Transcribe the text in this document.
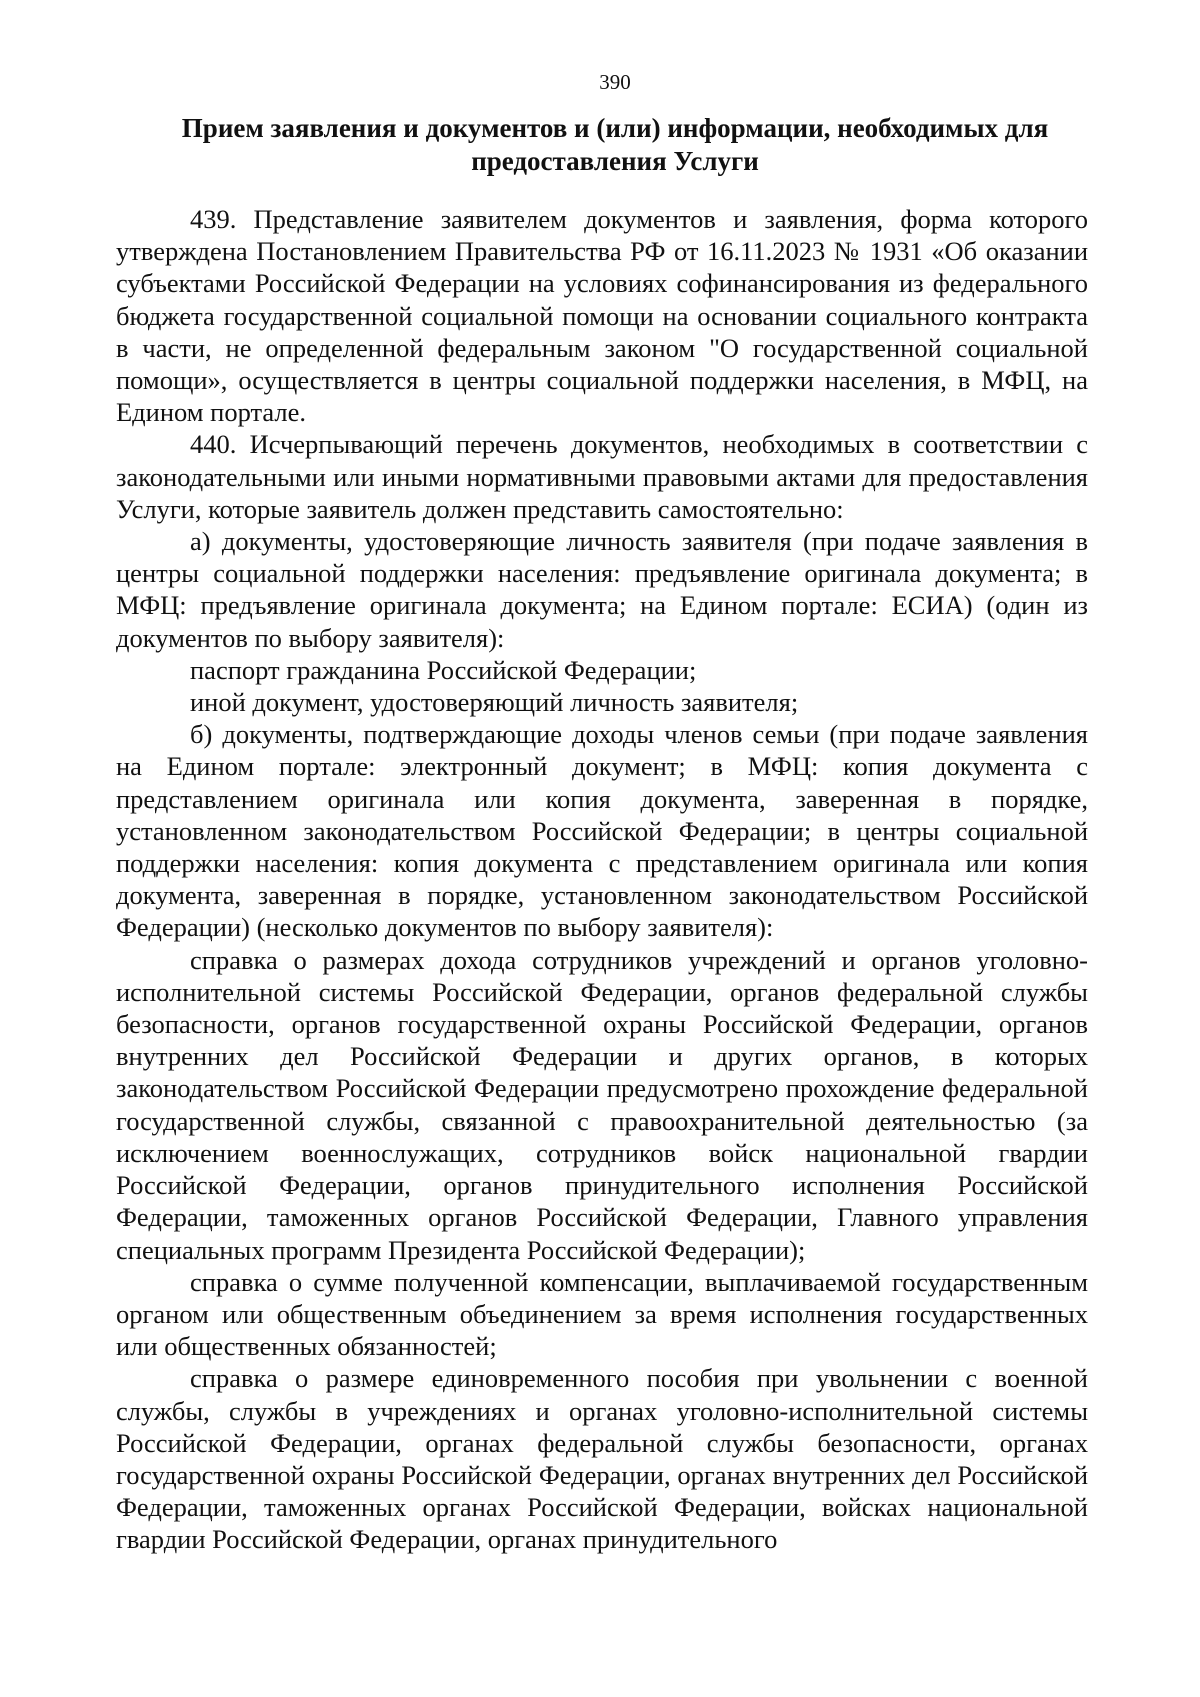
390
Прием заявления и документов и (или) информации, необходимых для
предоставления Услуги

439. Представление заявителем документов и заявления, форма которого утверждена Постановлением Правительства РФ от 16.11.2023 № 1931 «Об оказании субъектами Российской Федерации на условиях софинансирования из федерального бюджета государственной социальной помощи на основании социального контракта в части, не определенной федеральным законом "О государственной социальной помощи», осуществляется в центры социальной поддержки населения, в МФЦ, на Едином портале.

440. Исчерпывающий перечень документов, необходимых в соответствии с законодательными или иными нормативными правовыми актами для предоставления Услуги, которые заявитель должен представить самостоятельно:

а) документы, удостоверяющие личность заявителя (при подаче заявления в центры социальной поддержки населения: предъявление оригинала документа; в МФЦ: предъявление оригинала документа; на Едином портале: ЕСИА) (один из документов по выбору заявителя):

паспорт гражданина Российской Федерации;

иной документ, удостоверяющий личность заявителя;

б) документы, подтверждающие доходы членов семьи (при подаче заявления на Едином портале: электронный документ; в МФЦ: копия документа с представлением оригинала или копия документа, заверенная в порядке, установленном законодательством Российской Федерации; в центры социальной поддержки населения: копия документа с представлением оригинала или копия документа, заверенная в порядке, установленном законодательством Российской Федерации) (несколько документов по выбору заявителя):

справка о размерах дохода сотрудников учреждений и органов уголовно-исполнительной системы Российской Федерации, органов федеральной службы безопасности, органов государственной охраны Российской Федерации, органов внутренних дел Российской Федерации и других органов, в которых законодательством Российской Федерации предусмотрено прохождение федеральной государственной службы, связанной с правоохранительной деятельностью (за исключением военнослужащих, сотрудников войск национальной гвардии Российской Федерации, органов принудительного исполнения Российской Федерации, таможенных органов Российской Федерации, Главного управления специальных программ Президента Российской Федерации);

справка о сумме полученной компенсации, выплачиваемой государственным органом или общественным объединением за время исполнения государственных или общественных обязанностей;

справка о размере единовременного пособия при увольнении с военной службы, службы в учреждениях и органах уголовно-исполнительной системы Российской Федерации, органах федеральной службы безопасности, органах государственной охраны Российской Федерации, органах внутренних дел Российской Федерации, таможенных органах Российской Федерации, войсках национальной гвардии Российской Федерации, органах принудительного
